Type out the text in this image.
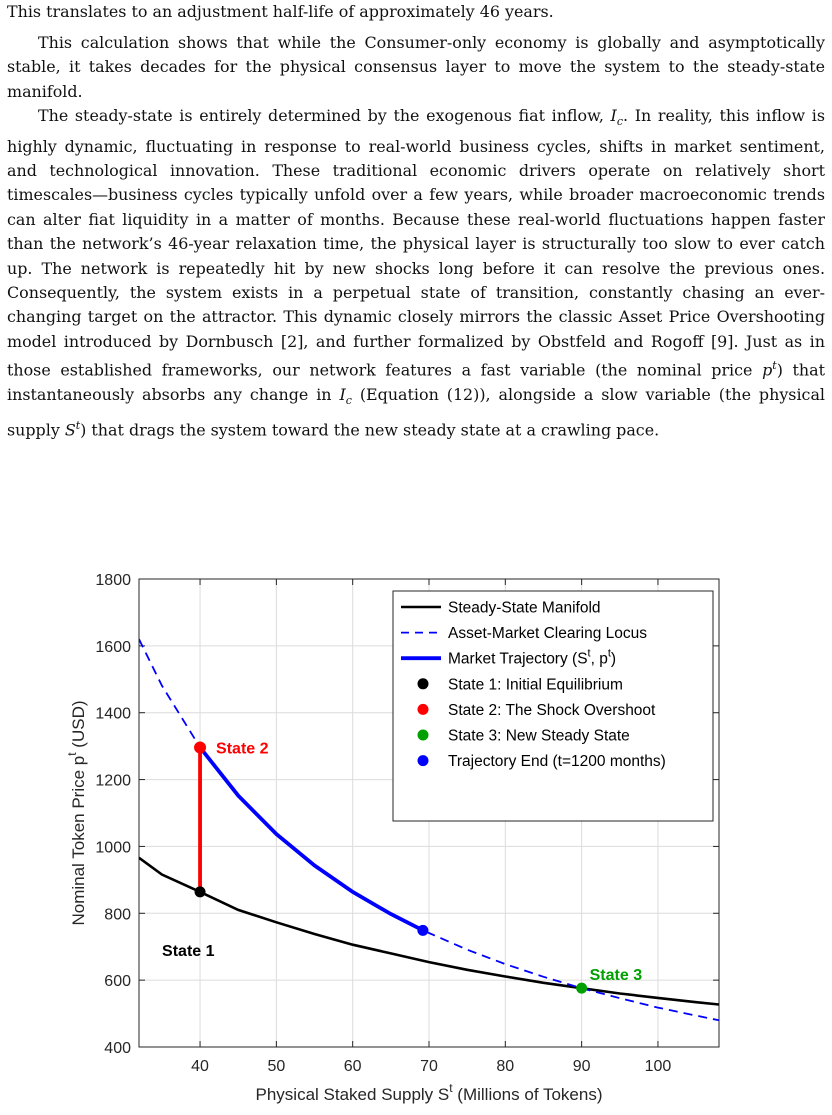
This translates to an adjustment half-life of approximately 46 years.

This calculation shows that while the Consumer-only economy is globally and asymptotically stable, it takes decades for the physical consensus layer to move the system to the steady-state manifold.

The steady-state is entirely determined by the exogenous fiat inflow, $I_c$. In reality, this inflow is highly dynamic, fluctuating in response to real-world business cycles, shifts in market sentiment, and technological innovation. These traditional economic drivers operate on relatively short timescales—business cycles typically unfold over a few years, while broader macroeconomic trends can alter fiat liquidity in a matter of months. Because these real-world fluctuations happen faster than the network’s 46-year relaxation time, the physical layer is structurally too slow to ever catch up. The network is repeatedly hit by new shocks long before it can resolve the previous ones. Consequently, the system exists in a perpetual state of transition, constantly chasing an ever-changing target on the attractor. This dynamic closely mirrors the classic Asset Price Overshooting model introduced by Dornbusch [2], and further formalized by Obstfeld and Rogoff [9]. Just as in those established frameworks, our network features a fast variable (the nominal price $p^t$) that instantaneously absorbs any change in $I_c$ (Equation (12)), alongside a slow variable (the physical supply $S^t$) that drags the system toward the new steady state at a crawling pace.

40	50	60	70	80	90	100
400
600
800
1000
1200
1400
1600
1800
Physical Staked Supply $S^t$ (Millions of Tokens)
Nominal Token Price $p^t$ (USD)
State 1
State 2
State 3
Steady-State Manifold
Asset-Market Clearing Locus
Market Trajectory ($S^t$, $p^t$)
State 1: Initial Equilibrium
State 2: The Shock Overshoot
State 3: New Steady State
Trajectory End (t=1200 months)
